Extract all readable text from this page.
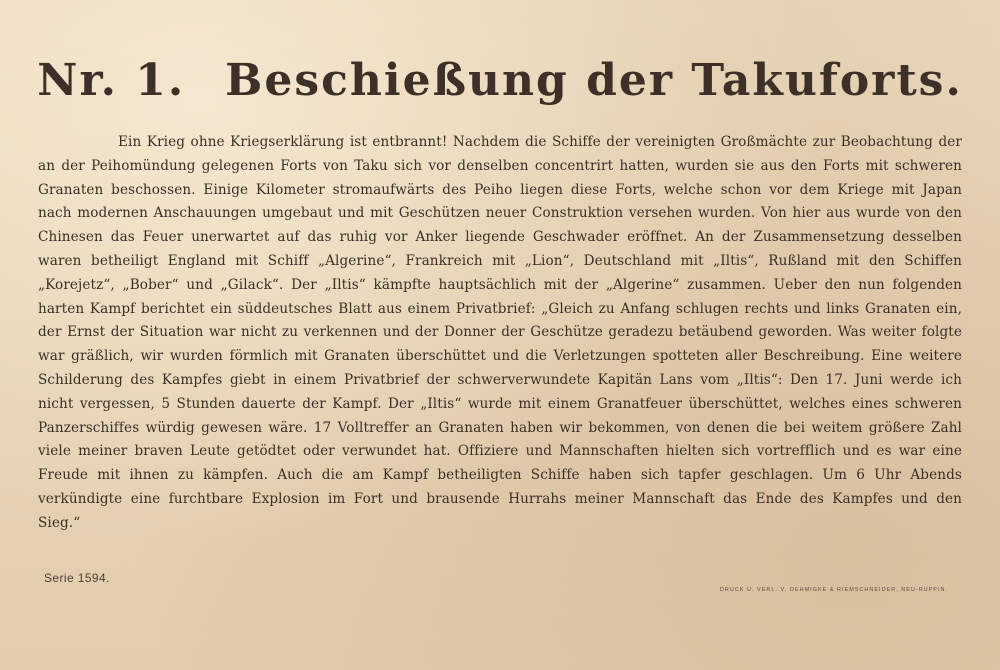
Nr. 1. Beschießung der Takuforts.

Ein Krieg ohne Kriegserklärung ist entbrannt! Nachdem die Schiffe der vereinigten Großmächte zur Beobachtung der an der Peihomündung gelegenen Forts von Taku sich vor denselben concentrirt hatten, wurden sie aus den Forts mit schweren Granaten beschossen. Einige Kilometer stromaufwärts des Peiho liegen diese Forts, welche schon vor dem Kriege mit Japan nach modernen Anschauungen umgebaut und mit Geschützen neuer Construktion versehen wurden. Von hier aus wurde von den Chinesen das Feuer unerwartet auf das ruhig vor Anker liegende Geschwader eröffnet. An der Zusammensetzung desselben waren betheiligt England mit Schiff „Algerine“, Frankreich mit „Lion“, Deutschland mit „Iltis“, Rußland mit den Schiffen „Korejetz“, „Bober“ und „Gilack“. Der „Iltis“ kämpfte hauptsächlich mit der „Algerine“ zusammen. Ueber den nun folgenden harten Kampf berichtet ein süddeutsches Blatt aus einem Privatbrief: „Gleich zu Anfang schlugen rechts und links Granaten ein, der Ernst der Situation war nicht zu verkennen und der Donner der Geschütze geradezu betäubend geworden. Was weiter folgte war gräßlich, wir wurden förmlich mit Granaten überschüttet und die Verletzungen spotteten aller Beschreibung. Eine weitere Schilderung des Kampfes giebt in einem Privatbrief der schwerverwundete Kapitän Lans vom „Iltis“: Den 17. Juni werde ich nicht vergessen, 5 Stunden dauerte der Kampf. Der „Iltis“ wurde mit einem Granatfeuer überschüttet, welches eines schweren Panzerschiffes würdig gewesen wäre. 17 Volltreffer an Granaten haben wir bekommen, von denen die bei weitem größere Zahl viele meiner braven Leute getödtet oder verwundet hat. Offiziere und Mannschaften hielten sich vortrefflich und es war eine Freude mit ihnen zu kämpfen. Auch die am Kampf betheiligten Schiffe haben sich tapfer geschlagen. Um 6 Uhr Abends verkündigte eine furchtbare Explosion im Fort und brausende Hurrahs meiner Mannschaft das Ende des Kampfes und den Sieg.“

Serie 1594.
DRUCK U. VERL. V. OEHMIGKE & RIEMSCHNEIDER, NEU-RUPPIN.
